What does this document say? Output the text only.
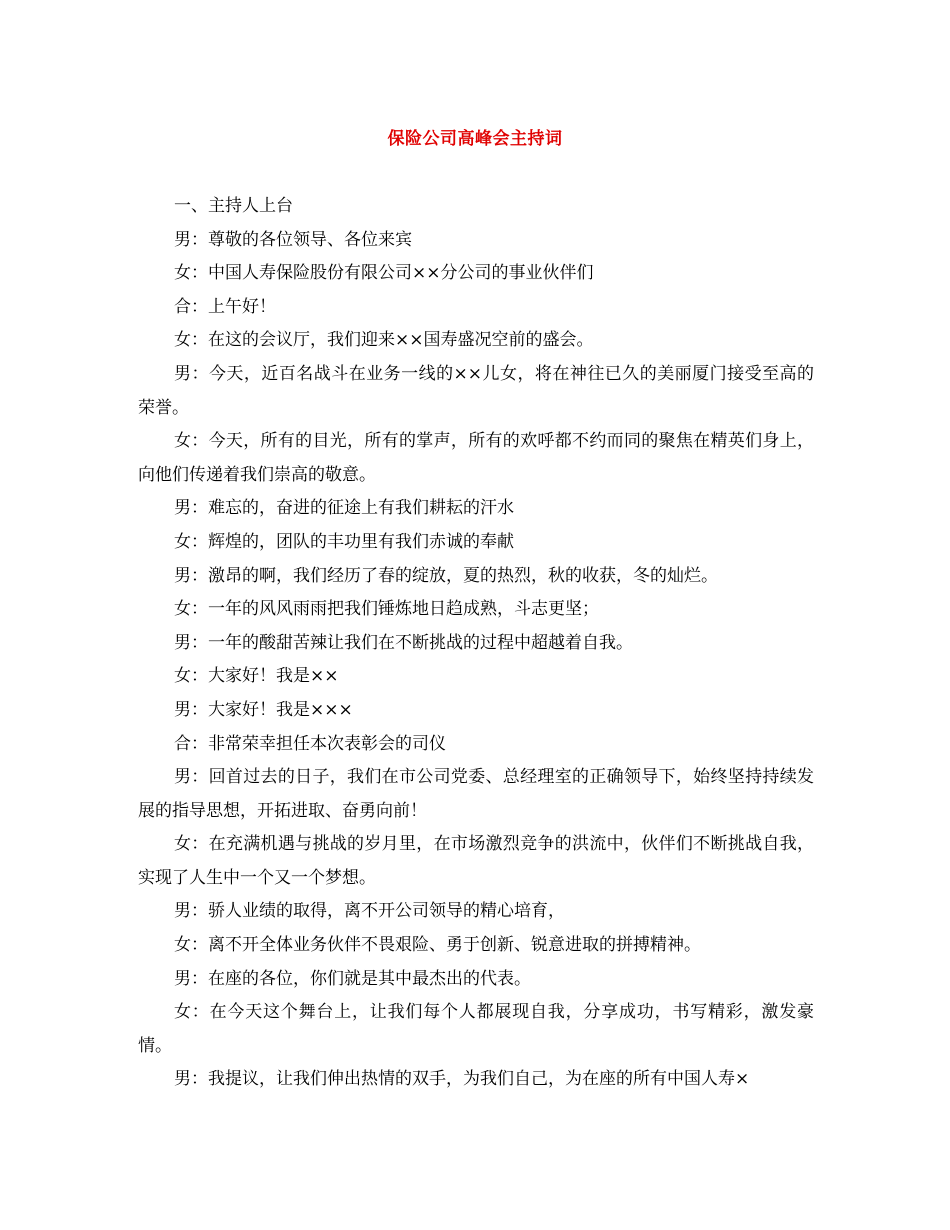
保险公司高峰会主持词

一、主持人上台

男：尊敬的各位领导、各位来宾

女：中国人寿保险股份有限公司××分公司的事业伙伴们

合：上午好！

女：在这的会议厅，我们迎来××国寿盛况空前的盛会。

男：今天，近百名战斗在业务一线的××儿女，将在神往已久的美丽厦门接受至高的荣誉。

女：今天，所有的目光，所有的掌声，所有的欢呼都不约而同的聚焦在精英们身上，向他们传递着我们崇高的敬意。

男：难忘的，奋进的征途上有我们耕耘的汗水

女：辉煌的，团队的丰功里有我们赤诚的奉献

男：激昂的啊，我们经历了春的绽放，夏的热烈，秋的收获，冬的灿烂。

女：一年的风风雨雨把我们锤炼地日趋成熟，斗志更坚；

男：一年的酸甜苦辣让我们在不断挑战的过程中超越着自我。

女：大家好！我是××

男：大家好！我是×××

合：非常荣幸担任本次表彰会的司仪

男：回首过去的日子，我们在市公司党委、总经理室的正确领导下，始终坚持持续发展的指导思想，开拓进取、奋勇向前！

女：在充满机遇与挑战的岁月里，在市场激烈竞争的洪流中，伙伴们不断挑战自我，实现了人生中一个又一个梦想。

男：骄人业绩的取得，离不开公司领导的精心培育，

女：离不开全体业务伙伴不畏艰险、勇于创新、锐意进取的拼搏精神。

男：在座的各位，你们就是其中最杰出的代表。

女：在今天这个舞台上，让我们每个人都展现自我，分享成功，书写精彩，激发豪情。

男：我提议，让我们伸出热情的双手，为我们自己，为在座的所有中国人寿×
